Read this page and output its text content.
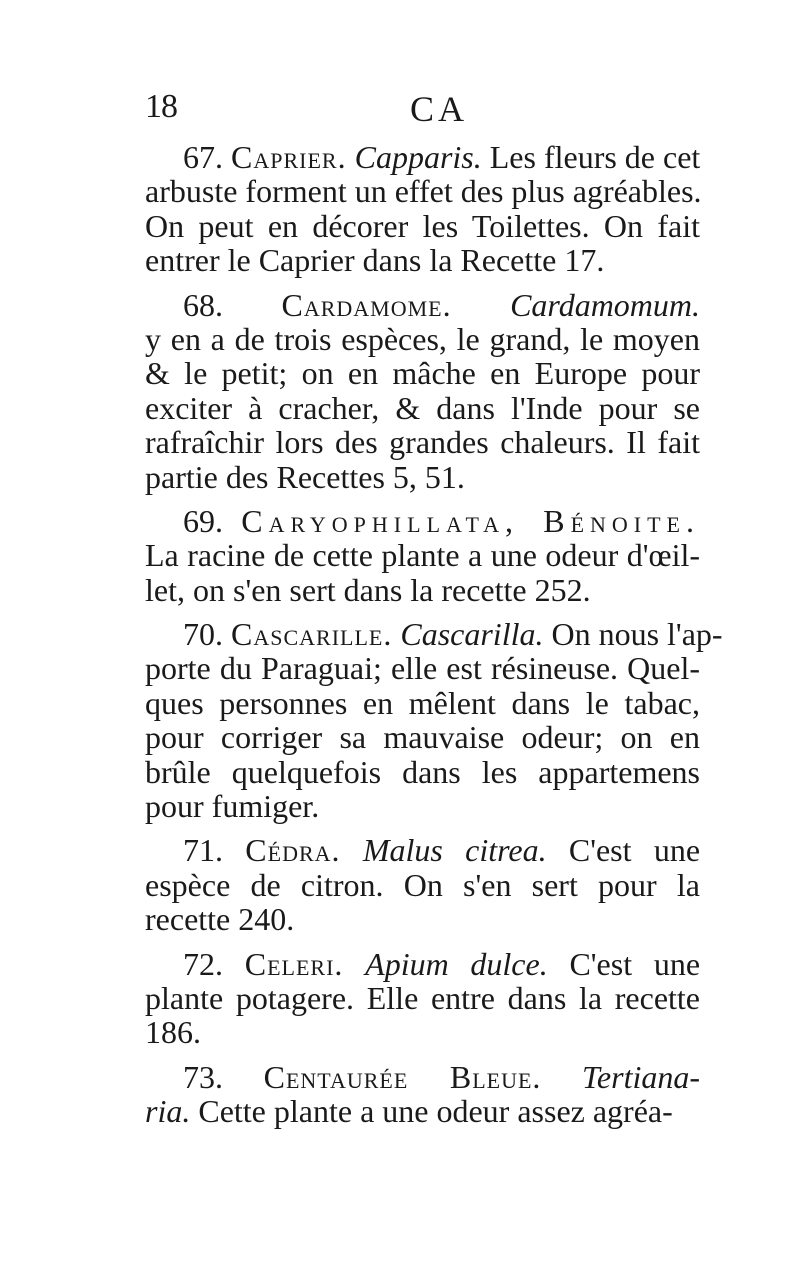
18	CA
67. Caprier. Capparis. Les fleurs de cet
arbuste forment un effet des plus agréables.
On peut en décorer les Toilettes. On fait
entrer le Caprier dans la Recette 17.
68. Cardamome. Cardamomum.
y en a de trois espèces, le grand, le moyen
& le petit; on en mâche en Europe pour
exciter à cracher, & dans l'Inde pour se
rafraîchir lors des grandes chaleurs. Il fait
partie des Recettes 5, 51.
69. Caryophillata, Bénoite.
La racine de cette plante a une odeur d'œil-
let, on s'en sert dans la recette 252.
70. Cascarille. Cascarilla. On nous l'ap-
porte du Paraguai; elle est résineuse. Quel-
ques personnes en mêlent dans le tabac,
pour corriger sa mauvaise odeur; on en
brûle quelquefois dans les appartemens
pour fumiger.
71. Cédra. Malus citrea. C'est une
espèce de citron. On s'en sert pour la
recette 240.
72. Celeri. Apium dulce. C'est une
plante potagere. Elle entre dans la recette
186.
73. Centaurée Bleue. Tertiana-
ria. Cette plante a une odeur assez agréa-
